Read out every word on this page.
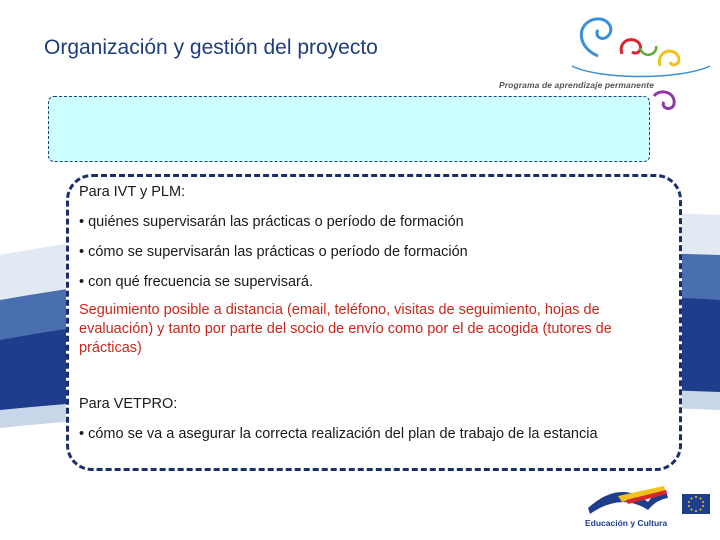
Organización y gestión del proyecto
Programa de aprendizaje permanente

Para IVT y PLM:

• quiénes supervisarán las prácticas o período de formación

• cómo se supervisarán las prácticas o período de formación

• con qué frecuencia se supervisará.

Seguimiento posible a distancia (email, teléfono, visitas de seguimiento, hojas de evaluación) y tanto por parte del socio de envío como por el de acogida (tutores de prácticas)

Para VETPRO:

• cómo se va a asegurar la correcta realización del plan de trabajo de la estancia

Educación y Cultura
